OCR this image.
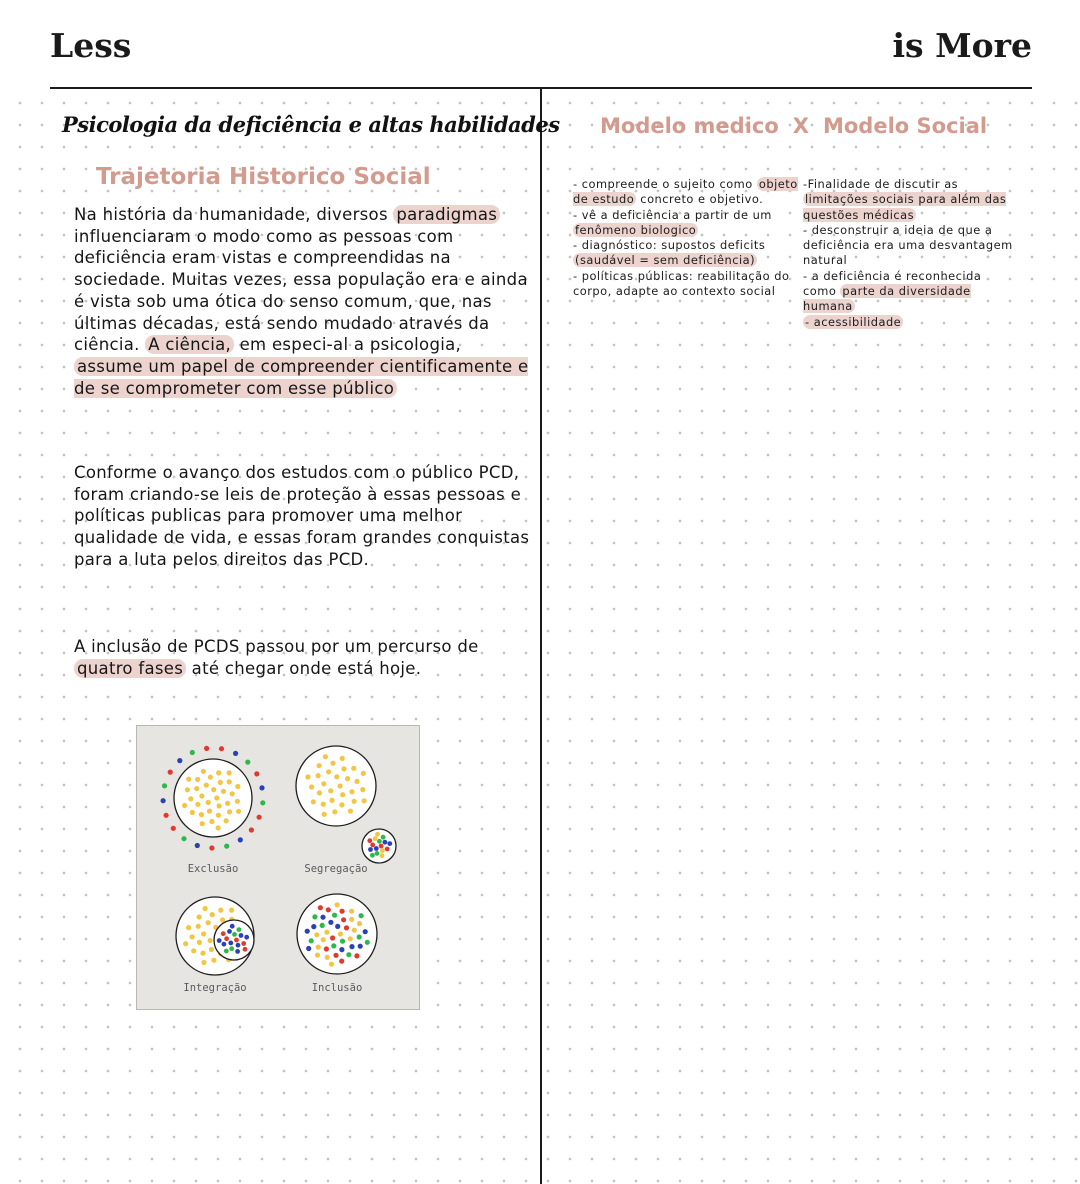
Less	is More
Psicologia da deficiência e altas habilidades
Trajetoria Historico Social

Na história da humanidade, diversos paradigmas influenciaram o modo como as pessoas com deficiência eram vistas e compreendidas na sociedade. Muitas vezes, essa população era e ainda é vista sob uma ótica do senso comum, que, nas últimas décadas, está sendo mudado através da ciência. A ciência, em especi-al a psicologia, assume um papel de compreender cientificamente e de se comprometer com esse público

Conforme o avanço dos estudos com o público PCD, foram criando-se leis de proteção à essas pessoas e políticas publicas para promover uma melhor qualidade de vida, e essas foram grandes conquistas para a luta pelos direitos das PCD.

A inclusão de PCDS passou por um percurso de quatro fases até chegar onde está hoje.

Exclusão	Segregação
Integração	Inclusão
Modelo medico X Modelo Social

- compreende o sujeito como objeto de estudo concreto e objetivo.

- vê a deficiência a partir de um fenômeno biologico

- diagnóstico: supostos deficits (saudável = sem deficiência)

- políticas públicas: reabilitação do corpo, adapte ao contexto social

-Finalidade de discutir as limitações sociais para além das questões médicas

- desconstruir a ideia de que a deficiência era uma desvantagem natural

- a deficiência é reconhecida como parte da diversidade humana

- acessibilidade
